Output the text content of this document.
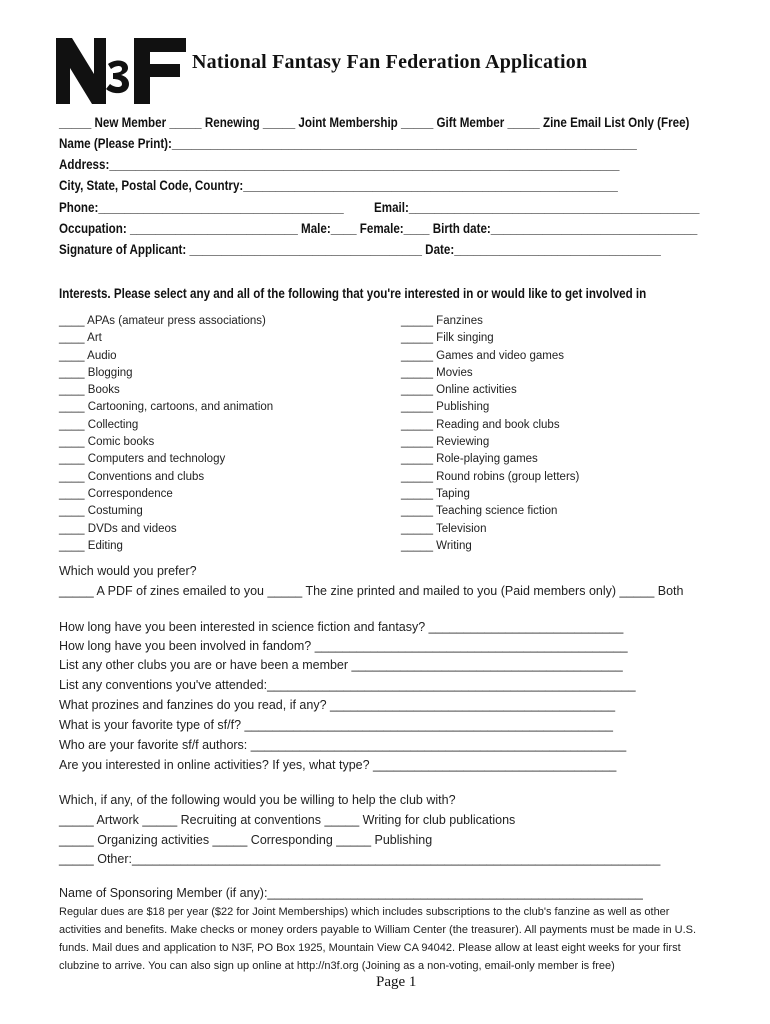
National Fantasy Fan Federation Application
_____ New Member _____ Renewing _____ Joint Membership _____ Gift Member _____ Zine Email List Only (Free)
Name (Please Print):________________________________________________________________________
Address:_______________________________________________________________________________
City, State, Postal Code, Country:__________________________________________________________
Phone:______________________________________ Email:_____________________________________________
Occupation: __________________________ Male:____ Female:____ Birth date:________________________________
Signature of Applicant: ____________________________________ Date:________________________________
Interests. Please select any and all of the following that you're interested in or would like to get involved in
____ APAs (amateur press associations)
____ Art
____ Audio
____ Blogging
____ Books
____ Cartooning, cartoons, and animation
____ Collecting
____ Comic books
____ Computers and technology
____ Conventions and clubs
____ Correspondence
____ Costuming
____ DVDs and videos
____ Editing
_____ Fanzines
_____ Filk singing
_____ Games and video games
_____ Movies
_____ Online activities
_____ Publishing
_____ Reading and book clubs
_____ Reviewing
_____ Role-playing games
_____ Round robins (group letters)
_____ Taping
_____ Teaching science fiction
_____ Television
_____ Writing
Which would you prefer?
_____ A PDF of zines emailed to you _____ The zine printed and mailed to you (Paid members only) _____ Both
How long have you been interested in science fiction and fantasy? ____________________________
How long have you been involved in fandom? _____________________________________________
List any other clubs you are or have been a member _______________________________________
List any conventions you've attended:_____________________________________________________
What prozines and fanzines do you read, if any? _________________________________________
What is your favorite type of sf/f? _____________________________________________________
Who are your favorite sf/f authors: ______________________________________________________
Are you interested in online activities? If yes, what type? ___________________________________
Which, if any, of the following would you be willing to help the club with?
_____ Artwork _____ Recruiting at conventions _____ Writing for club publications
_____ Organizing activities _____ Corresponding _____ Publishing
_____ Other:____________________________________________________________________________
Name of Sponsoring Member (if any):______________________________________________________
Regular dues are $18 per year ($22 for Joint Memberships) which includes subscriptions to the club's fanzine as well as other
activities and benefits. Make checks or money orders payable to William Center (the treasurer). All payments must be made in U.S.
funds. Mail dues and application to N3F, PO Box 1925, Mountain View CA 94042. Please allow at least eight weeks for your first
clubzine to arrive. You can also sign up online at http://n3f.org (Joining as a non-voting, email-only member is free)
Page 1
